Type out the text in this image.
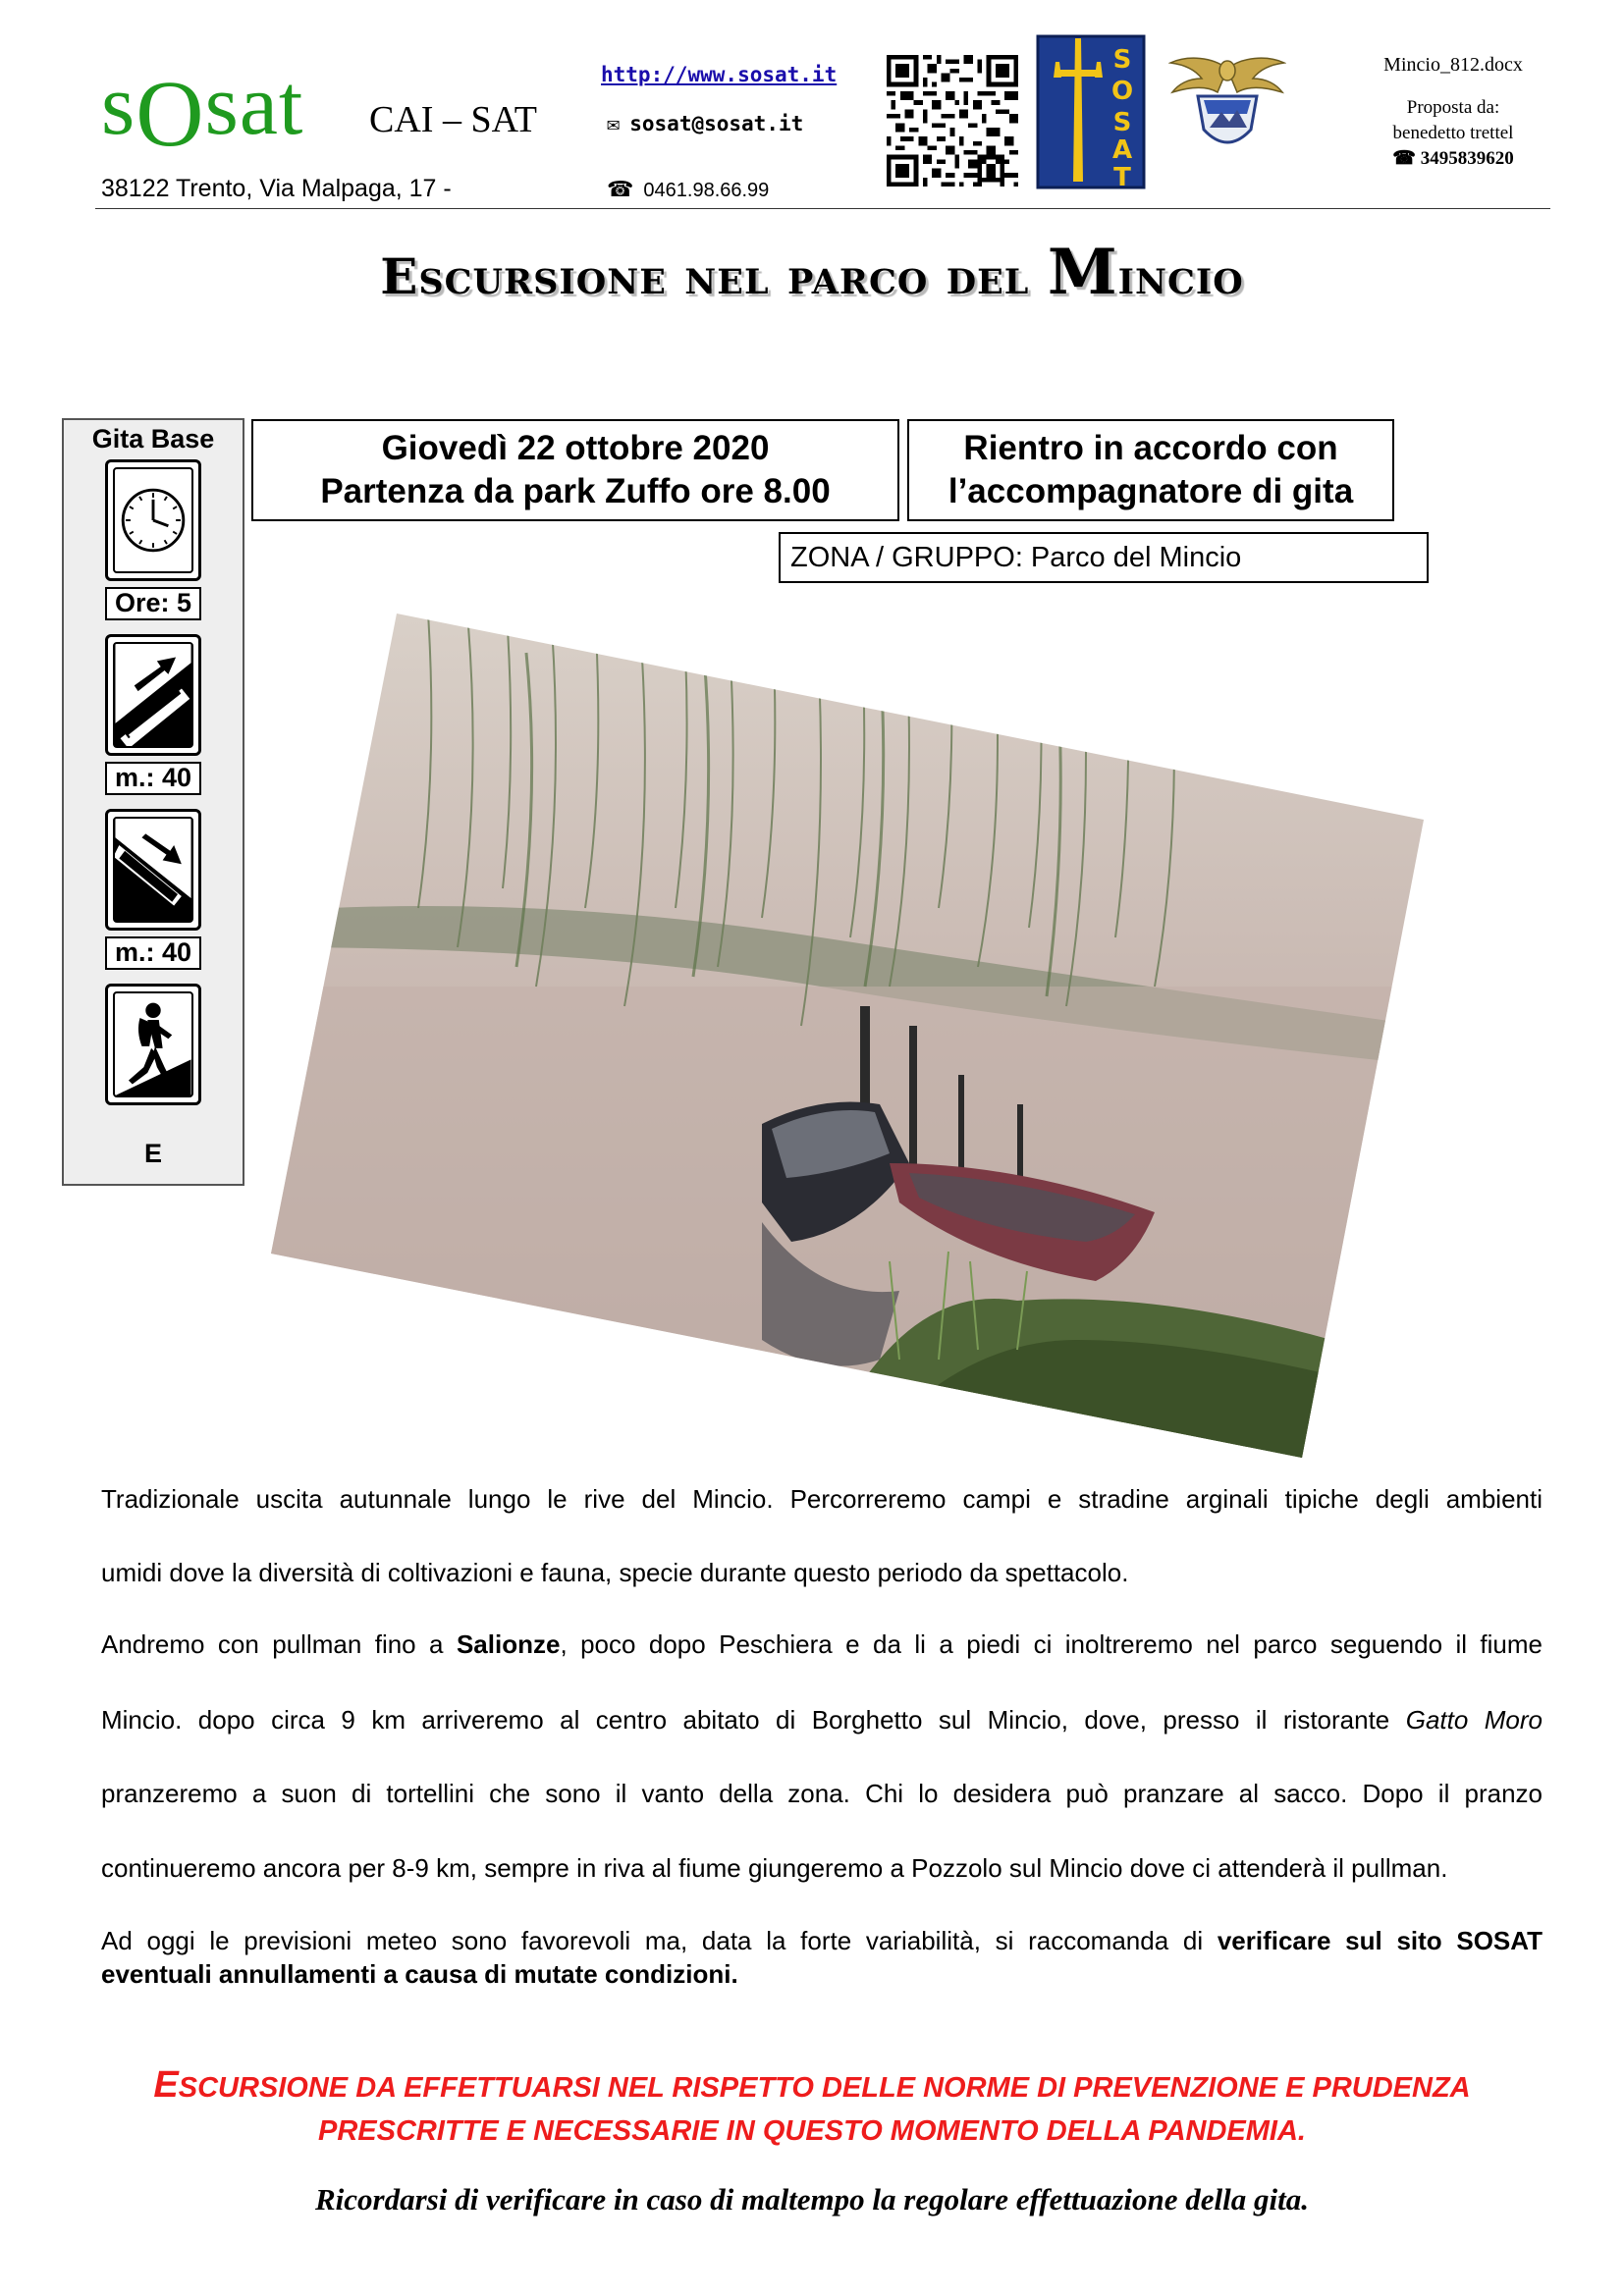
sOsat CAI – SAT
38122 Trento, Via Malpaga, 17 -
http://www.sosat.it
✉ sosat@sosat.it
☎ 0461.98.66.99
S
O
S
A
T
Mincio_812.docx
Proposta da:
benedetto trettel
☎ 3495839620
Escursione nel parco del Mincio
Gita Base
Ore: 5
m.: 40
m.: 40
E
Giovedì 22 ottobre 2020
Partenza da park Zuffo ore 8.00
Rientro in accordo con
l’accompagnatore di gita
ZONA / GRUPPO: Parco del Mincio
Tradizionale uscita autunnale lungo le rive del Mincio. Percorreremo campi e stradine arginali tipiche degli ambienti
umidi dove la diversità di coltivazioni e fauna, specie durante questo periodo da spettacolo.
Andremo con pullman fino a Salionze, poco dopo Peschiera e da li a piedi ci inoltreremo nel parco seguendo il fiume
Mincio. dopo circa 9 km arriveremo al centro abitato di Borghetto sul Mincio, dove, presso il ristorante Gatto Moro
pranzeremo a suon di tortellini che sono il vanto della zona. Chi lo desidera può pranzare al sacco. Dopo il pranzo
continueremo ancora per 8-9 km, sempre in riva al fiume giungeremo a Pozzolo sul Mincio dove ci attenderà il pullman.
Ad oggi le previsioni meteo sono favorevoli ma, data la forte variabilità, si raccomanda di verificare sul sito SOSAT
eventuali annullamenti a causa di mutate condizioni.
ESCURSIONE DA EFFETTUARSI NEL RISPETTO DELLE NORME DI PREVENZIONE E PRUDENZA
PRESCRITTE E NECESSARIE IN QUESTO MOMENTO DELLA PANDEMIA.
Ricordarsi di verificare in caso di maltempo la regolare effettuazione della gita.
